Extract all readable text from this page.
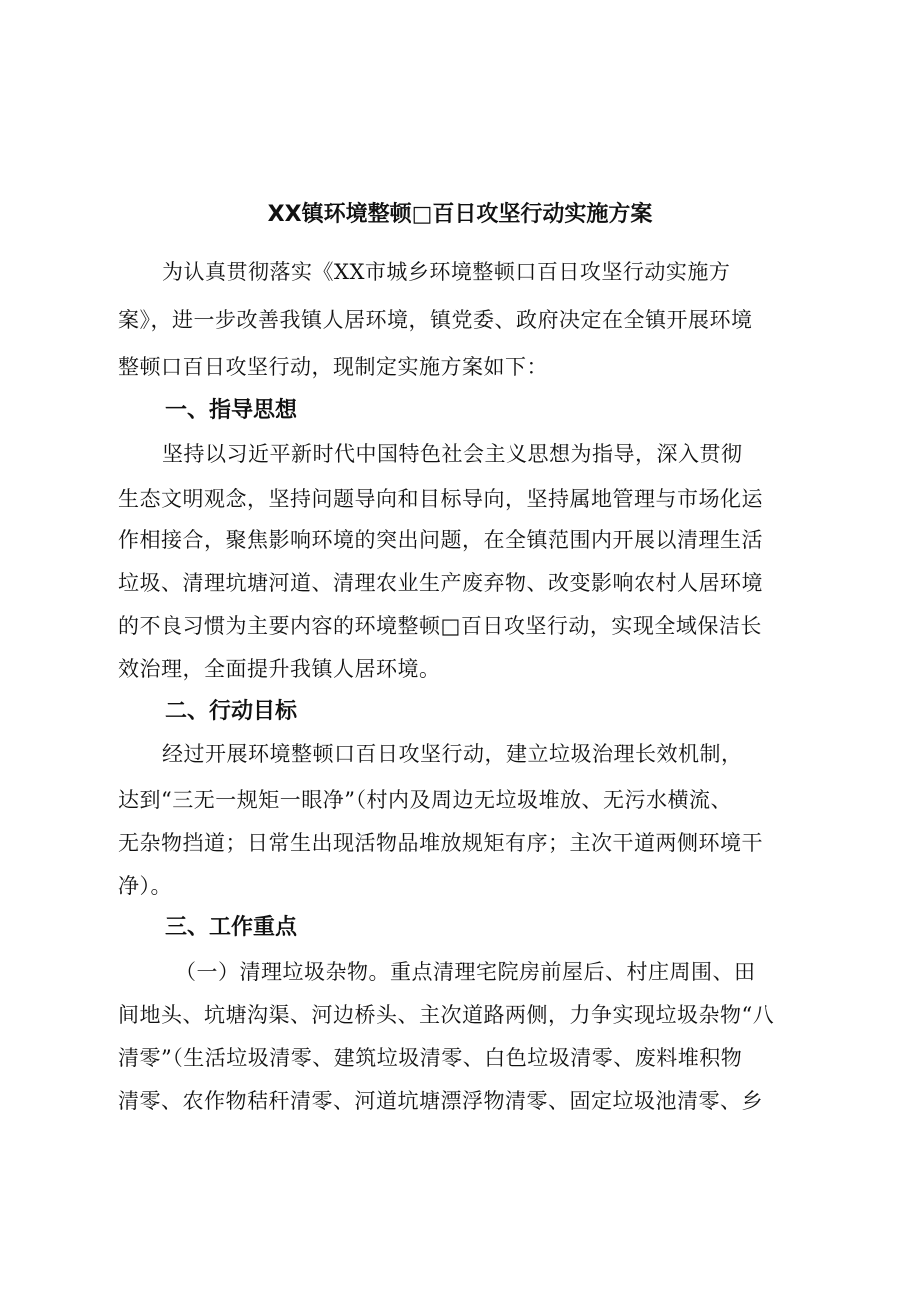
XX镇环境整顿□百日攻坚行动实施方案
为认真贯彻落实《XX市城乡环境整顿口百日攻坚行动实施方
案》，进一步改善我镇人居环境，镇党委、政府决定在全镇开展环境
整顿口百日攻坚行动，现制定实施方案如下：
一、指导思想
坚持以习近平新时代中国特色社会主义思想为指导，深入贯彻
生态文明观念，坚持问题导向和目标导向，坚持属地管理与市场化运
作相接合，聚焦影响环境的突出问题，在全镇范围内开展以清理生活
垃圾、清理坑塘河道、清理农业生产废弃物、改变影响农村人居环境
的不良习惯为主要内容的环境整顿□百日攻坚行动，实现全域保洁长
效治理，全面提升我镇人居环境。
二、行动目标
经过开展环境整顿口百日攻坚行动，建立垃圾治理长效机制，
达到“三无一规矩一眼净”（村内及周边无垃圾堆放、无污水横流、
无杂物挡道；日常生出现活物品堆放规矩有序；主次干道两侧环境干
净）。
三、工作重点
（一）清理垃圾杂物。重点清理宅院房前屋后、村庄周围、田
间地头、坑塘沟渠、河边桥头、主次道路两侧，力争实现垃圾杂物“八
清零”（生活垃圾清零、建筑垃圾清零、白色垃圾清零、废料堆积物
清零、农作物秸秆清零、河道坑塘漂浮物清零、固定垃圾池清零、乡
